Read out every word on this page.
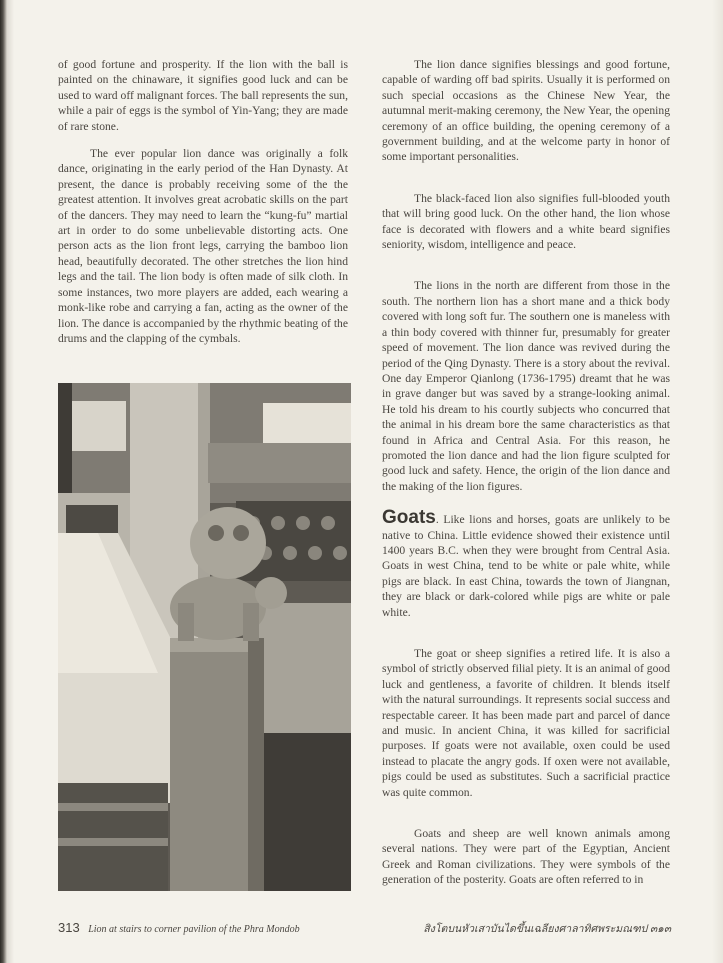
of good fortune and prosperity. If the lion with the ball is painted on the chinaware, it signifies good luck and can be used to ward off malignant forces. The ball represents the sun, while a pair of eggs is the symbol of Yin-Yang; they are made of rare stone.

The ever popular lion dance was originally a folk dance, originating in the early period of the Han Dynasty. At present, the dance is probably receiving some of the the greatest attention. It involves great acrobatic skills on the part of the dancers. They may need to learn the “kung-fu” martial art in order to do some unbelievable distorting acts. One person acts as the lion front legs, carrying the bamboo lion head, beautifully decorated. The other stretches the lion hind legs and the tail. The lion body is often made of silk cloth. In some instances, two more players are added, each wearing a monk-like robe and carrying a fan, acting as the owner of the lion. The dance is accompanied by the rhythmic beating of the drums and the clapping of the cymbals.

The lion dance signifies blessings and good fortune, capable of warding off bad spirits. Usually it is performed on such special occasions as the Chinese New Year, the autumnal merit-making ceremony, the New Year, the opening ceremony of an office building, the opening ceremony of a government building, and at the welcome party in honor of some important personalities.

The black-faced lion also signifies full-blooded youth that will bring good luck. On the other hand, the lion whose face is decorated with flowers and a white beard signifies seniority, wisdom, intelligence and peace.

The lions in the north are different from those in the south. The northern lion has a short mane and a thick body covered with long soft fur. The southern one is maneless with a thin body covered with thinner fur, presumably for greater speed of movement. The lion dance was revived during the period of the Qing Dynasty. There is a story about the revival. One day Emperor Qianlong (1736-1795) dreamt that he was in grave danger but was saved by a strange-looking animal. He told his dream to his courtly subjects who concurred that the animal in his dream bore the same characteristics as that found in Africa and Central Asia. For this reason, he promoted the lion dance and had the lion figure sculpted for good luck and safety. Hence, the origin of the lion dance and the making of the lion figures.

Goats. Like lions and horses, goats are unlikely to be native to China. Little evidence showed their existence until 1400 years B.C. when they were brought from Central Asia. Goats in west China, tend to be white or pale white, while pigs are black. In east China, towards the town of Jiangnan, they are black or dark-colored while pigs are white or pale white.

The goat or sheep signifies a retired life. It is also a symbol of strictly observed filial piety. It is an animal of good luck and gentleness, a favorite of children. It blends itself with the natural surroundings. It represents social success and respectable career. It has been made part and parcel of dance and music. In ancient China, it was killed for sacrificial purposes. If goats were not available, oxen could be used instead to placate the angry gods. If oxen were not available, pigs could be used as substitutes. Such a sacrificial practice was quite common.

Goats and sheep are well known animals among several nations. They were part of the Egyptian, Ancient Greek and Roman civilizations. They were symbols of the generation of the posterity. Goats are often referred to in

313 Lion at stairs to corner pavilion of the Phra Mondob	สิงโตบนหัวเสาบันไดขึ้นเฉลียงศาลาทิศพระมณฑป ๓๑๓
